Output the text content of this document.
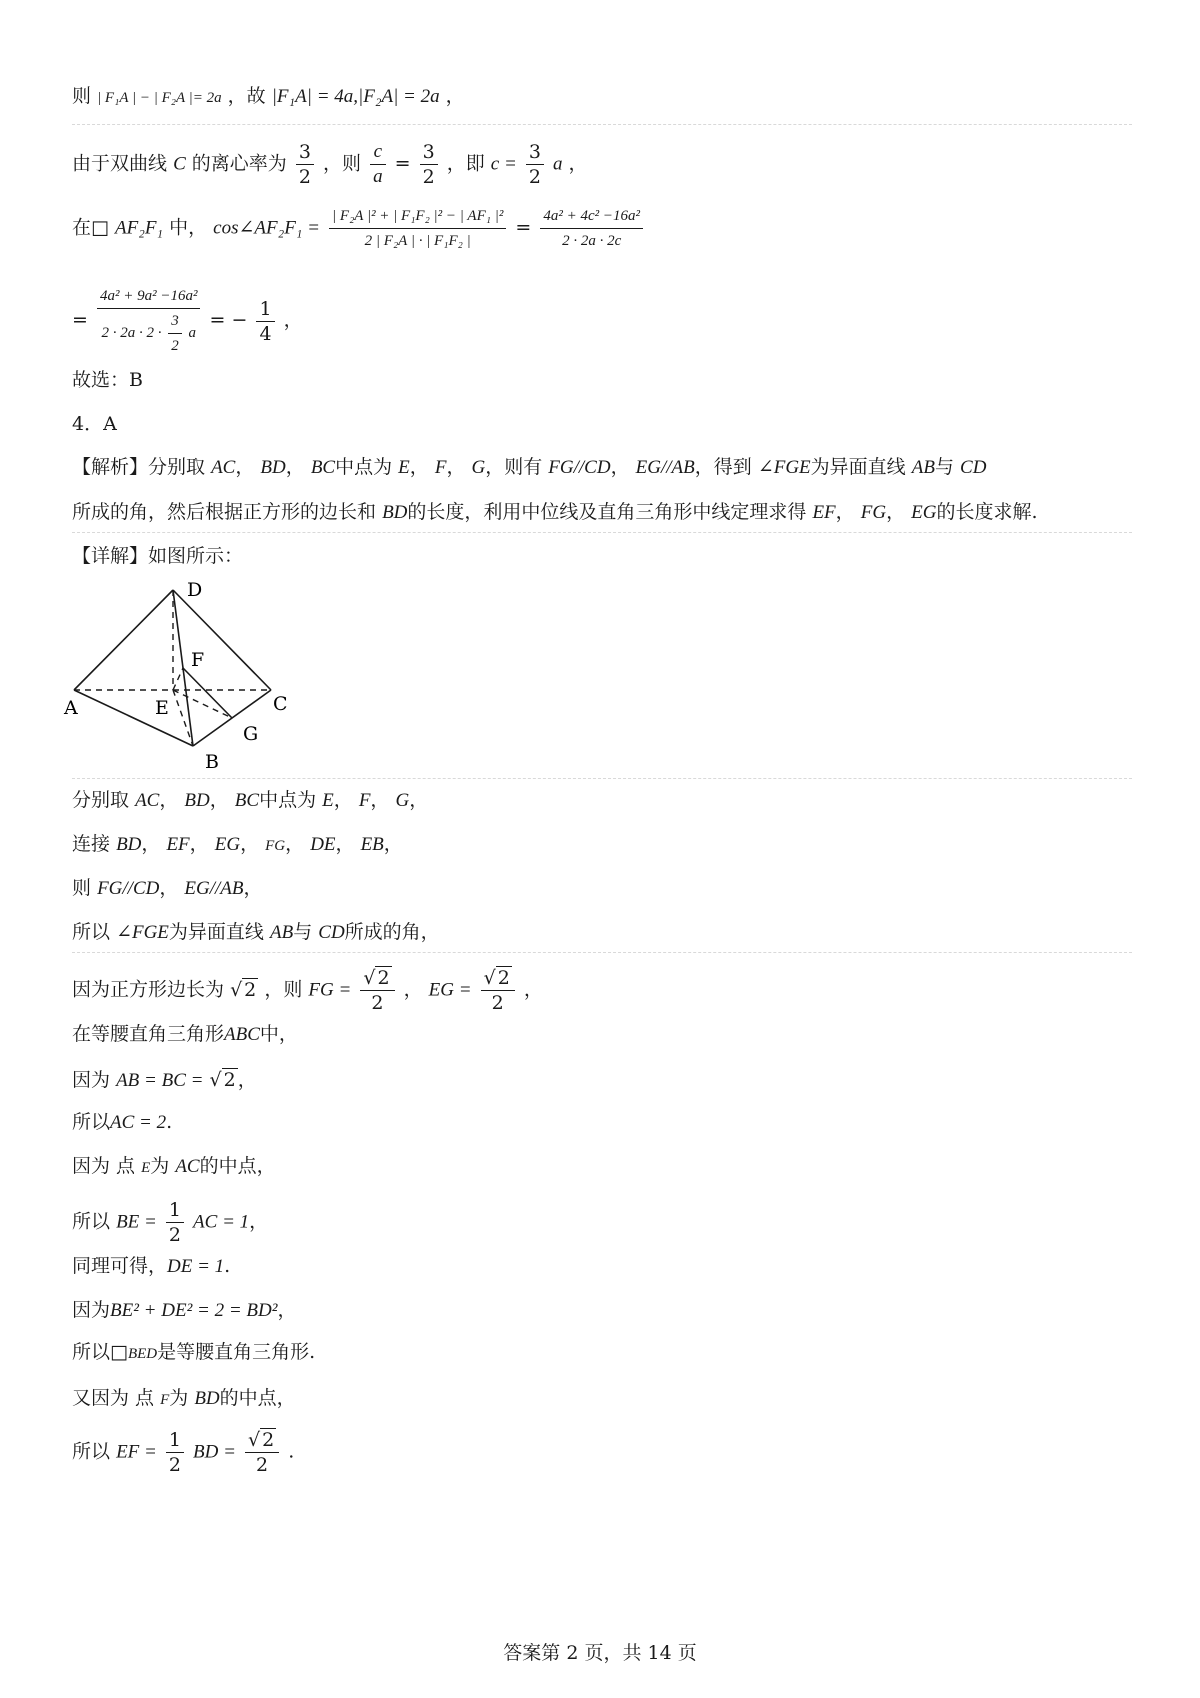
则 | F₁A | − | F₂A |= 2a ，故 |F₁A| = 4a,|F₂A| = 2a ，
由于双曲线 C 的离心率为 $\frac{3}{2}$ ，则 $\frac{c}{a} = \frac{3}{2}$ ，即 $c = \frac{3}{2}$ a ，
在□ AF₂F₁ 中， cos∠AF₂F₁ = $\frac{\text{| F₂A |² + | F₁F₂ |² − | AF₁ |²}}{\text{2 | F₂A | · | F₁F₂ |}} = \frac{\text{4a² + 4c² −16a²}}{2 \cdot 2a \cdot 2c}$
= $\frac{\text{4a² + 9a² −16a²}}{2 \cdot 2a \cdot 2 \cdot \frac{3}{2} a}$ = − $\frac{1}{4}$ ，
故选：B
4．A
【解析】分别取 AC， BD， BC中点为 E， F， G，则有 FG//CD， EG//AB，得到 ∠FGE为异面直线 AB与 CD
所成的角，然后根据正方形的边长和 BD的长度，利用中位线及直角三角形中线定理求得 EF， FG， EG的长度求解.
【详解】如图所示：
D
F
A	E	C
G
B
分别取 AC， BD， BC中点为 E， F， G，
连接 BD， EF， EG， FG， DE， EB，
则 FG//CD， EG//AB，
所以 ∠FGE为异面直线 AB与 CD所成的角，
因为正方形边长为 √ 2 ，则 FG = $\frac{√ 2}{2}$ ， EG = $\frac{√ 2}{2}$ ，
在等腰直角三角形ABC中，
因为 AB = BC = √ 2 ，
所以AC = 2.
因为 点 E为 AC的中点，
所以 BE = $\frac{1}{2}$ AC = 1，
同理可得，DE = 1.
因为BE² + DE² = 2 = BD²，
所以□BED是等腰直角三角形.
又因为 点 F为 BD的中点，
所以 EF = $\frac{1}{2}$ BD = $\frac{√ 2}{2}$ .
答案第 2 页，共 14 页
